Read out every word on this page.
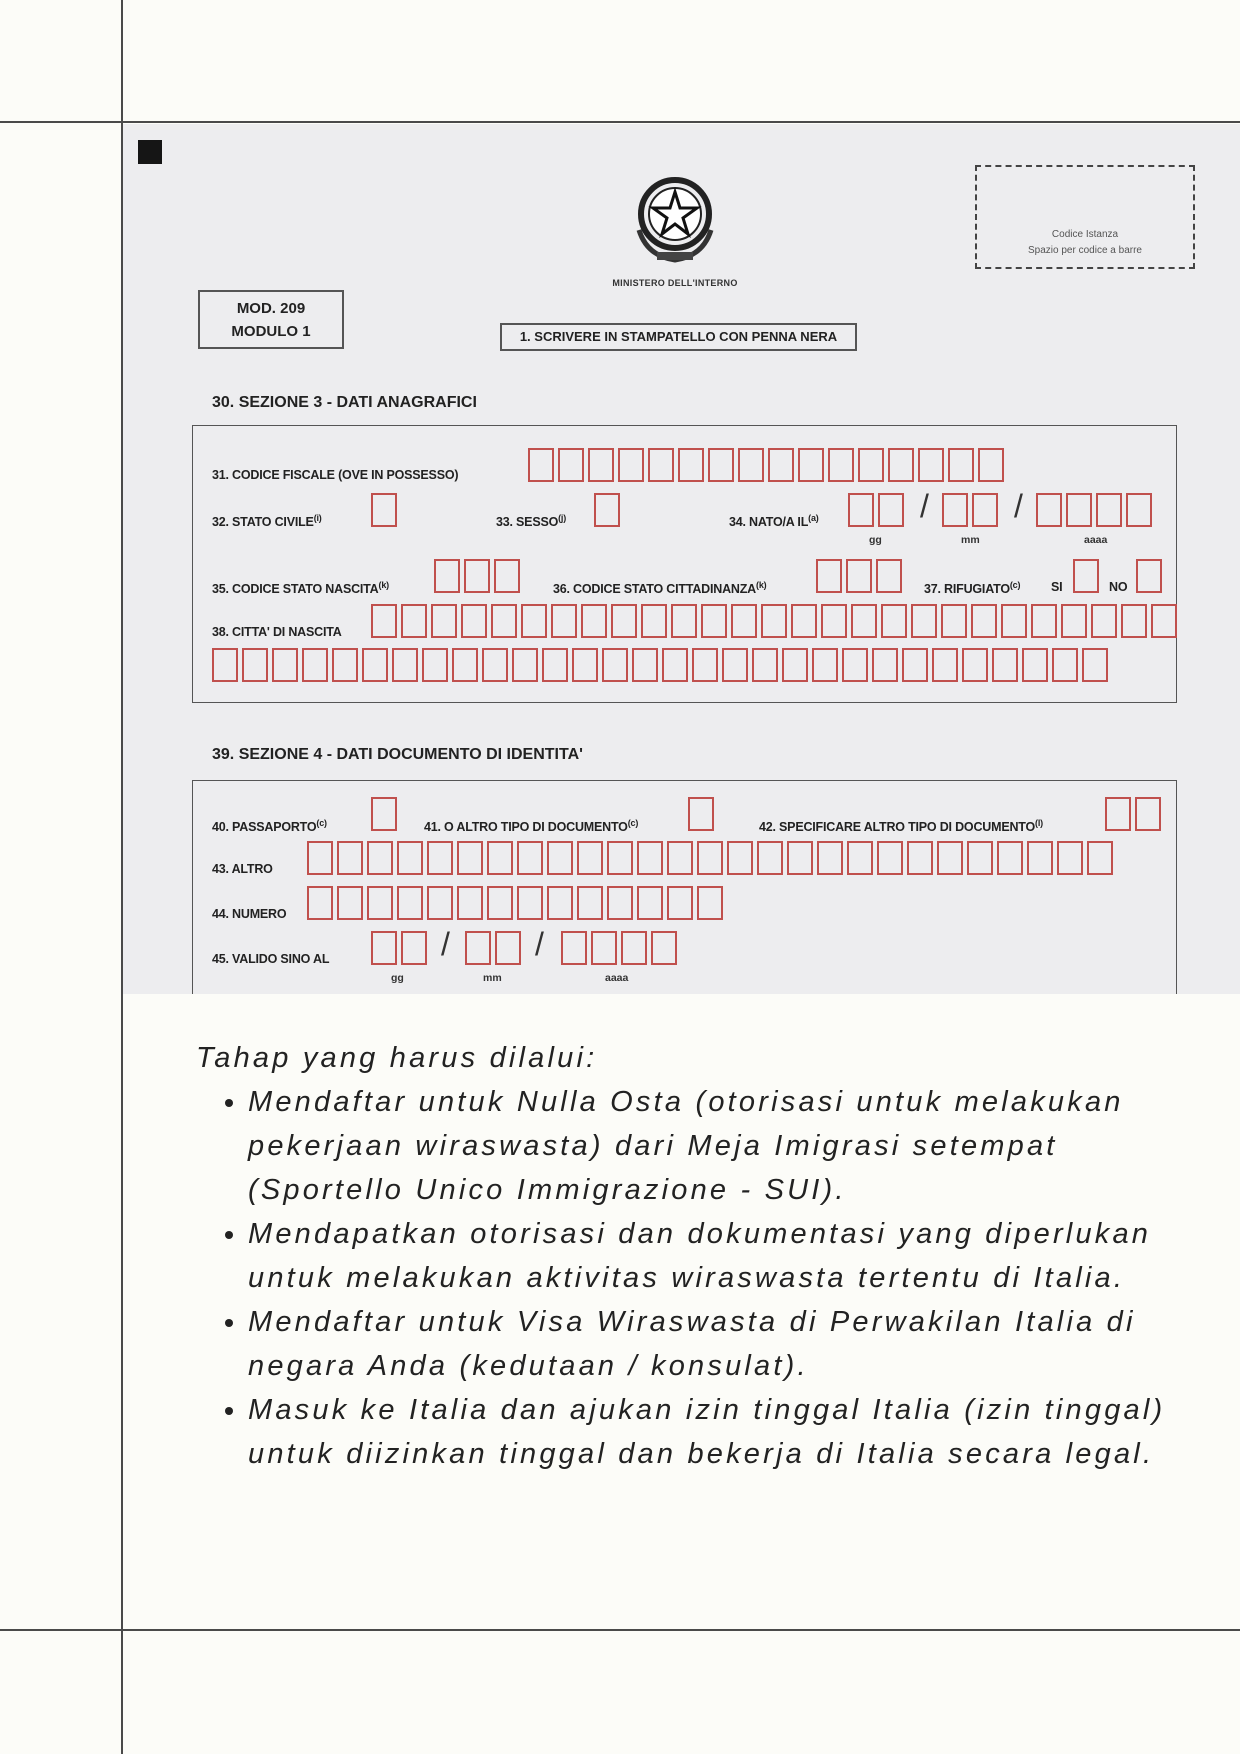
MINISTERO DELL'INTERNO
Codice Istanza
Spazio per codice a barre
MOD. 209
MODULO 1	1. SCRIVERE IN STAMPATELLO CON PENNA NERA
30. SEZIONE 3 - DATI ANAGRAFICI
31. CODICE FISCALE (OVE IN POSSESSO)
32. STATO CIVILE$^{(i)}$	33. SESSO$^{(j)}$	34. NATO/A IL$^{(a)}$	/	/
gg	mm	aaaa
35. CODICE STATO NASCITA$^{(k)}$	36. CODICE STATO CITTADINANZA$^{(k)}$	37. RIFUGIATO$^{(c)}$ SI	NO
38. CITTA' DI NASCITA
39. SEZIONE 4 - DATI DOCUMENTO DI IDENTITA'
40. PASSAPORTO$^{(c)}$	41. O ALTRO TIPO DI DOCUMENTO$^{(c)}$	42. SPECIFICARE ALTRO TIPO DI DOCUMENTO$^{(l)}$
43. ALTRO
44. NUMERO
45. VALIDO SINO AL	/	/
gg	mm	aaaa
Tahap yang harus dilalui:
• Mendaftar untuk Nulla Osta (otorisasi untuk melakukan pekerjaan wiraswasta) dari Meja Imigrasi setempat (Sportello Unico Immigrazione - SUI).
• Mendapatkan otorisasi dan dokumentasi yang diperlukan untuk melakukan aktivitas wiraswasta tertentu di Italia.
• Mendaftar untuk Visa Wiraswasta di Perwakilan Italia di negara Anda (kedutaan / konsulat).
• Masuk ke Italia dan ajukan izin tinggal Italia (izin tinggal) untuk diizinkan tinggal dan bekerja di Italia secara legal.
